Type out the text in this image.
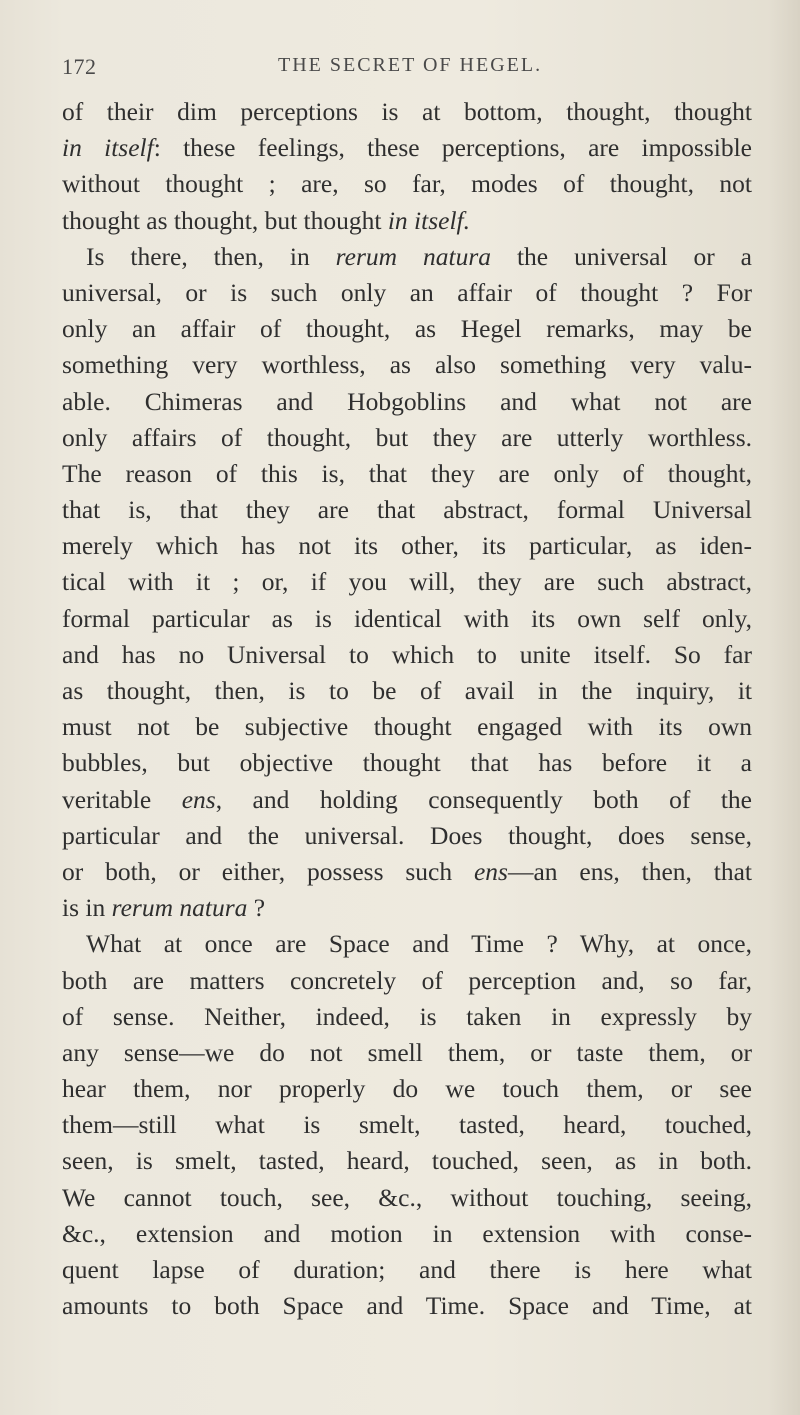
172	THE SECRET OF HEGEL.
of their dim perceptions is at bottom, thought, thought
in itself: these feelings, these perceptions, are impossible
without thought ; are, so far, modes of thought, not
thought as thought, but thought in itself.
Is there, then, in rerum natura the universal or a
universal, or is such only an affair of thought ? For
only an affair of thought, as Hegel remarks, may be
something very worthless, as also something very valu-
able. Chimeras and Hobgoblins and what not are
only affairs of thought, but they are utterly worthless.
The reason of this is, that they are only of thought,
that is, that they are that abstract, formal Universal
merely which has not its other, its particular, as iden-
tical with it ; or, if you will, they are such abstract,
formal particular as is identical with its own self only,
and has no Universal to which to unite itself. So far
as thought, then, is to be of avail in the inquiry, it
must not be subjective thought engaged with its own
bubbles, but objective thought that has before it a
veritable ens, and holding consequently both of the
particular and the universal. Does thought, does sense,
or both, or either, possess such ens—an ens, then, that
is in rerum natura ?
What at once are Space and Time ? Why, at once,
both are matters concretely of perception and, so far,
of sense. Neither, indeed, is taken in expressly by
any sense—we do not smell them, or taste them, or
hear them, nor properly do we touch them, or see
them—still what is smelt, tasted, heard, touched,
seen, is smelt, tasted, heard, touched, seen, as in both.
We cannot touch, see, &c., without touching, seeing,
&c., extension and motion in extension with conse-
quent lapse of duration; and there is here what
amounts to both Space and Time. Space and Time, at
